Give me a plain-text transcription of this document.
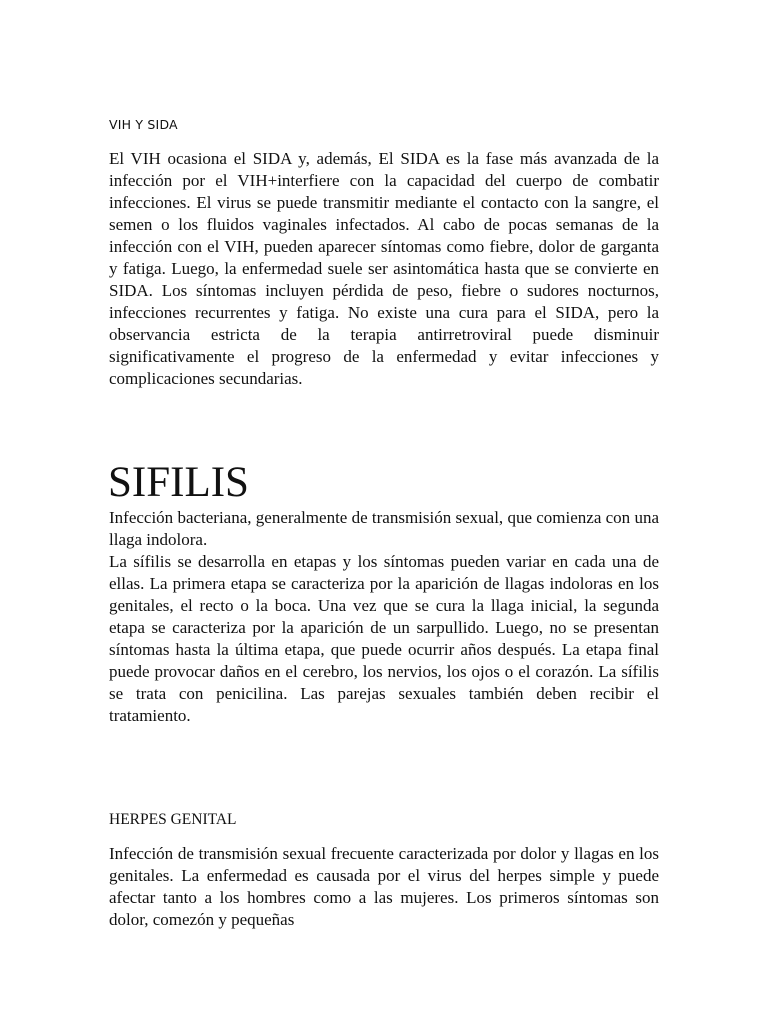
VIH Y SIDA

El VIH ocasiona el SIDA y, además, El SIDA es la fase más avanzada de la infección por el VIH+interfiere con la capacidad del cuerpo de combatir infecciones. El virus se puede transmitir mediante el contacto con la sangre, el semen o los fluidos vaginales infectados. Al cabo de pocas semanas de la infección con el VIH, pueden aparecer síntomas como fiebre, dolor de garganta y fatiga. Luego, la enfermedad suele ser asintomática hasta que se convierte en SIDA. Los síntomas incluyen pérdida de peso, fiebre o sudores nocturnos, infecciones recurrentes y fatiga. No existe una cura para el SIDA, pero la observancia estricta de la terapia antirretroviral puede disminuir significativamente el progreso de la enfermedad y evitar infecciones y complicaciones secundarias.

SIFILIS

Infección bacteriana, generalmente de transmisión sexual, que comienza con una llaga indolora.

La sífilis se desarrolla en etapas y los síntomas pueden variar en cada una de ellas. La primera etapa se caracteriza por la aparición de llagas indoloras en los genitales, el recto o la boca. Una vez que se cura la llaga inicial, la segunda etapa se caracteriza por la aparición de un sarpullido. Luego, no se presentan síntomas hasta la última etapa, que puede ocurrir años después. La etapa final puede provocar daños en el cerebro, los nervios, los ojos o el corazón. La sífilis se trata con penicilina. Las parejas sexuales también deben recibir el tratamiento.

HERPES GENITAL

Infección de transmisión sexual frecuente caracterizada por dolor y llagas en los genitales. La enfermedad es causada por el virus del herpes simple y puede afectar tanto a los hombres como a las mujeres. Los primeros síntomas son dolor, comezón y pequeñas
